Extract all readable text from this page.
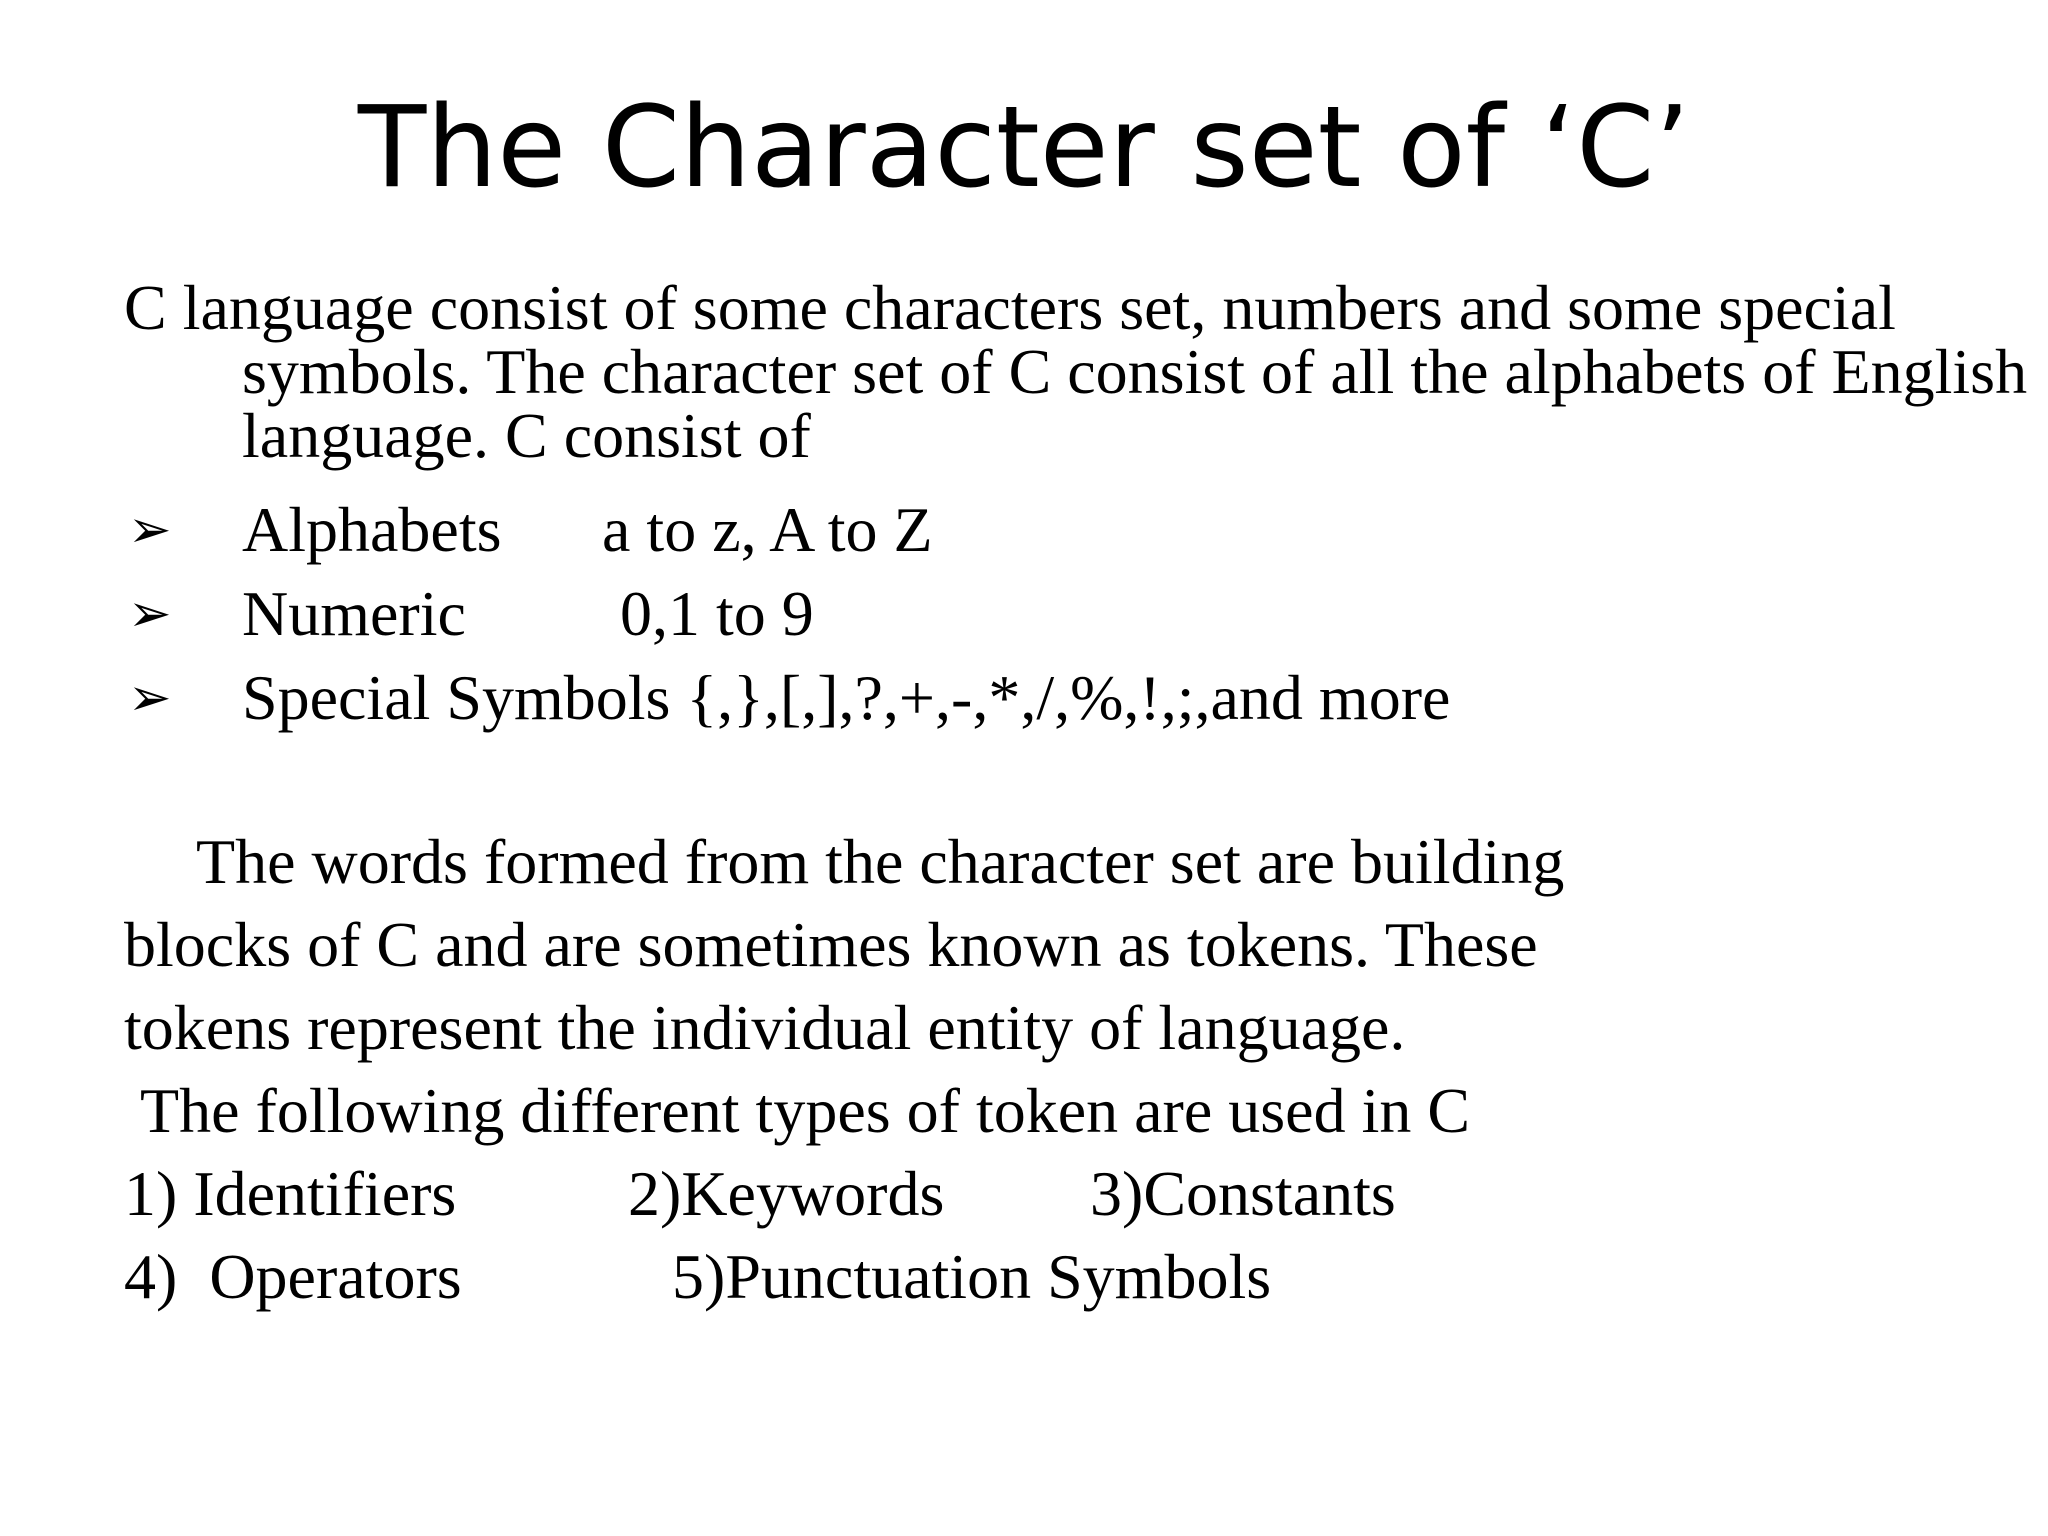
The Character set of ‘C’

C language consist of some characters set, numbers and some special symbols. The character set of C consist of all the alphabets of English language. C consist of

➢ Alphabets a to z, A to Z
➢ Numeric 0,1 to 9
➢ Special Symbols {,},[,],?,+,-,*,/,%,!,;,and more
The words formed from the character set are building
blocks of C and are sometimes known as tokens. These
tokens represent the individual entity of language.
The following different types of token are used in C
1) Identifiers	2)Keywords 3)Constants
4)  Operators	5)Punctuation Symbols
